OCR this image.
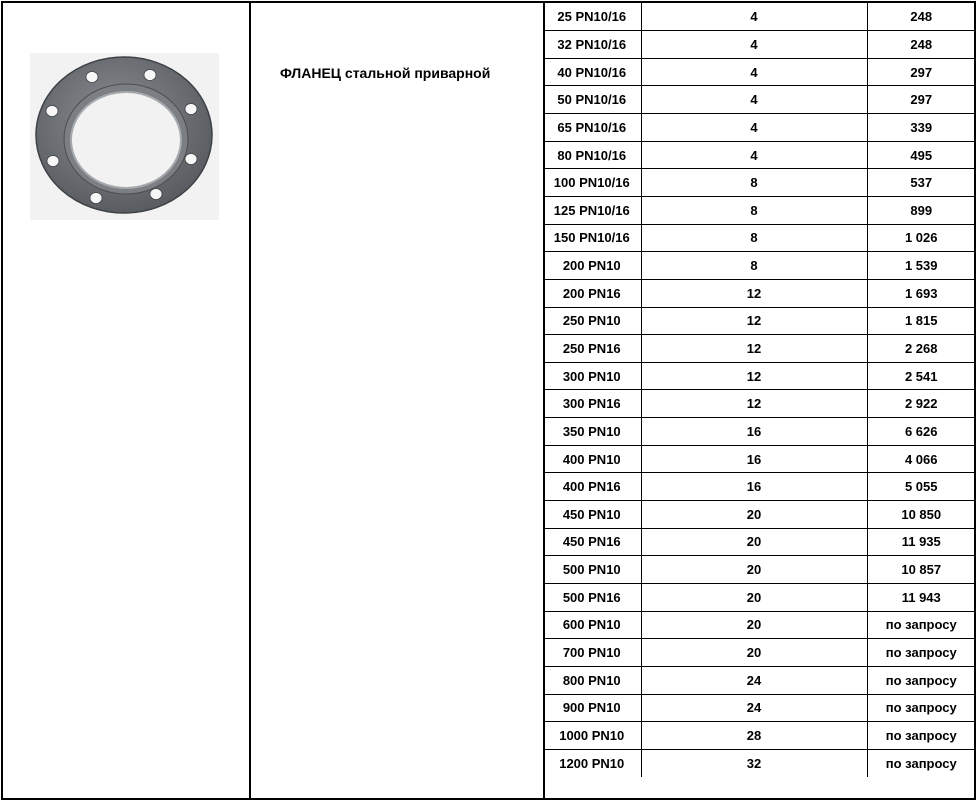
ФЛАНЕЦ стальной приварной
25 PN10/16	4	248
32 PN10/16	4	248
40 PN10/16	4	297
50 PN10/16	4	297
65 PN10/16	4	339
80 PN10/16	4	495
100 PN10/16	8	537
125 PN10/16	8	899
150 PN10/16	8	1 026
200 PN10	8	1 539
200 PN16	12	1 693
250 PN10	12	1 815
250 PN16	12	2 268
300 PN10	12	2 541
300 PN16	12	2 922
350 PN10	16	6 626
400 PN10	16	4 066
400 PN16	16	5 055
450 PN10	20	10 850
450 PN16	20	11 935
500 PN10	20	10 857
500 PN16	20	11 943
600 PN10	20	по запросу
700 PN10	20	по запросу
800 PN10	24	по запросу
900 PN10	24	по запросу
1000 PN10	28	по запросу
1200 PN10	32	по запросу
